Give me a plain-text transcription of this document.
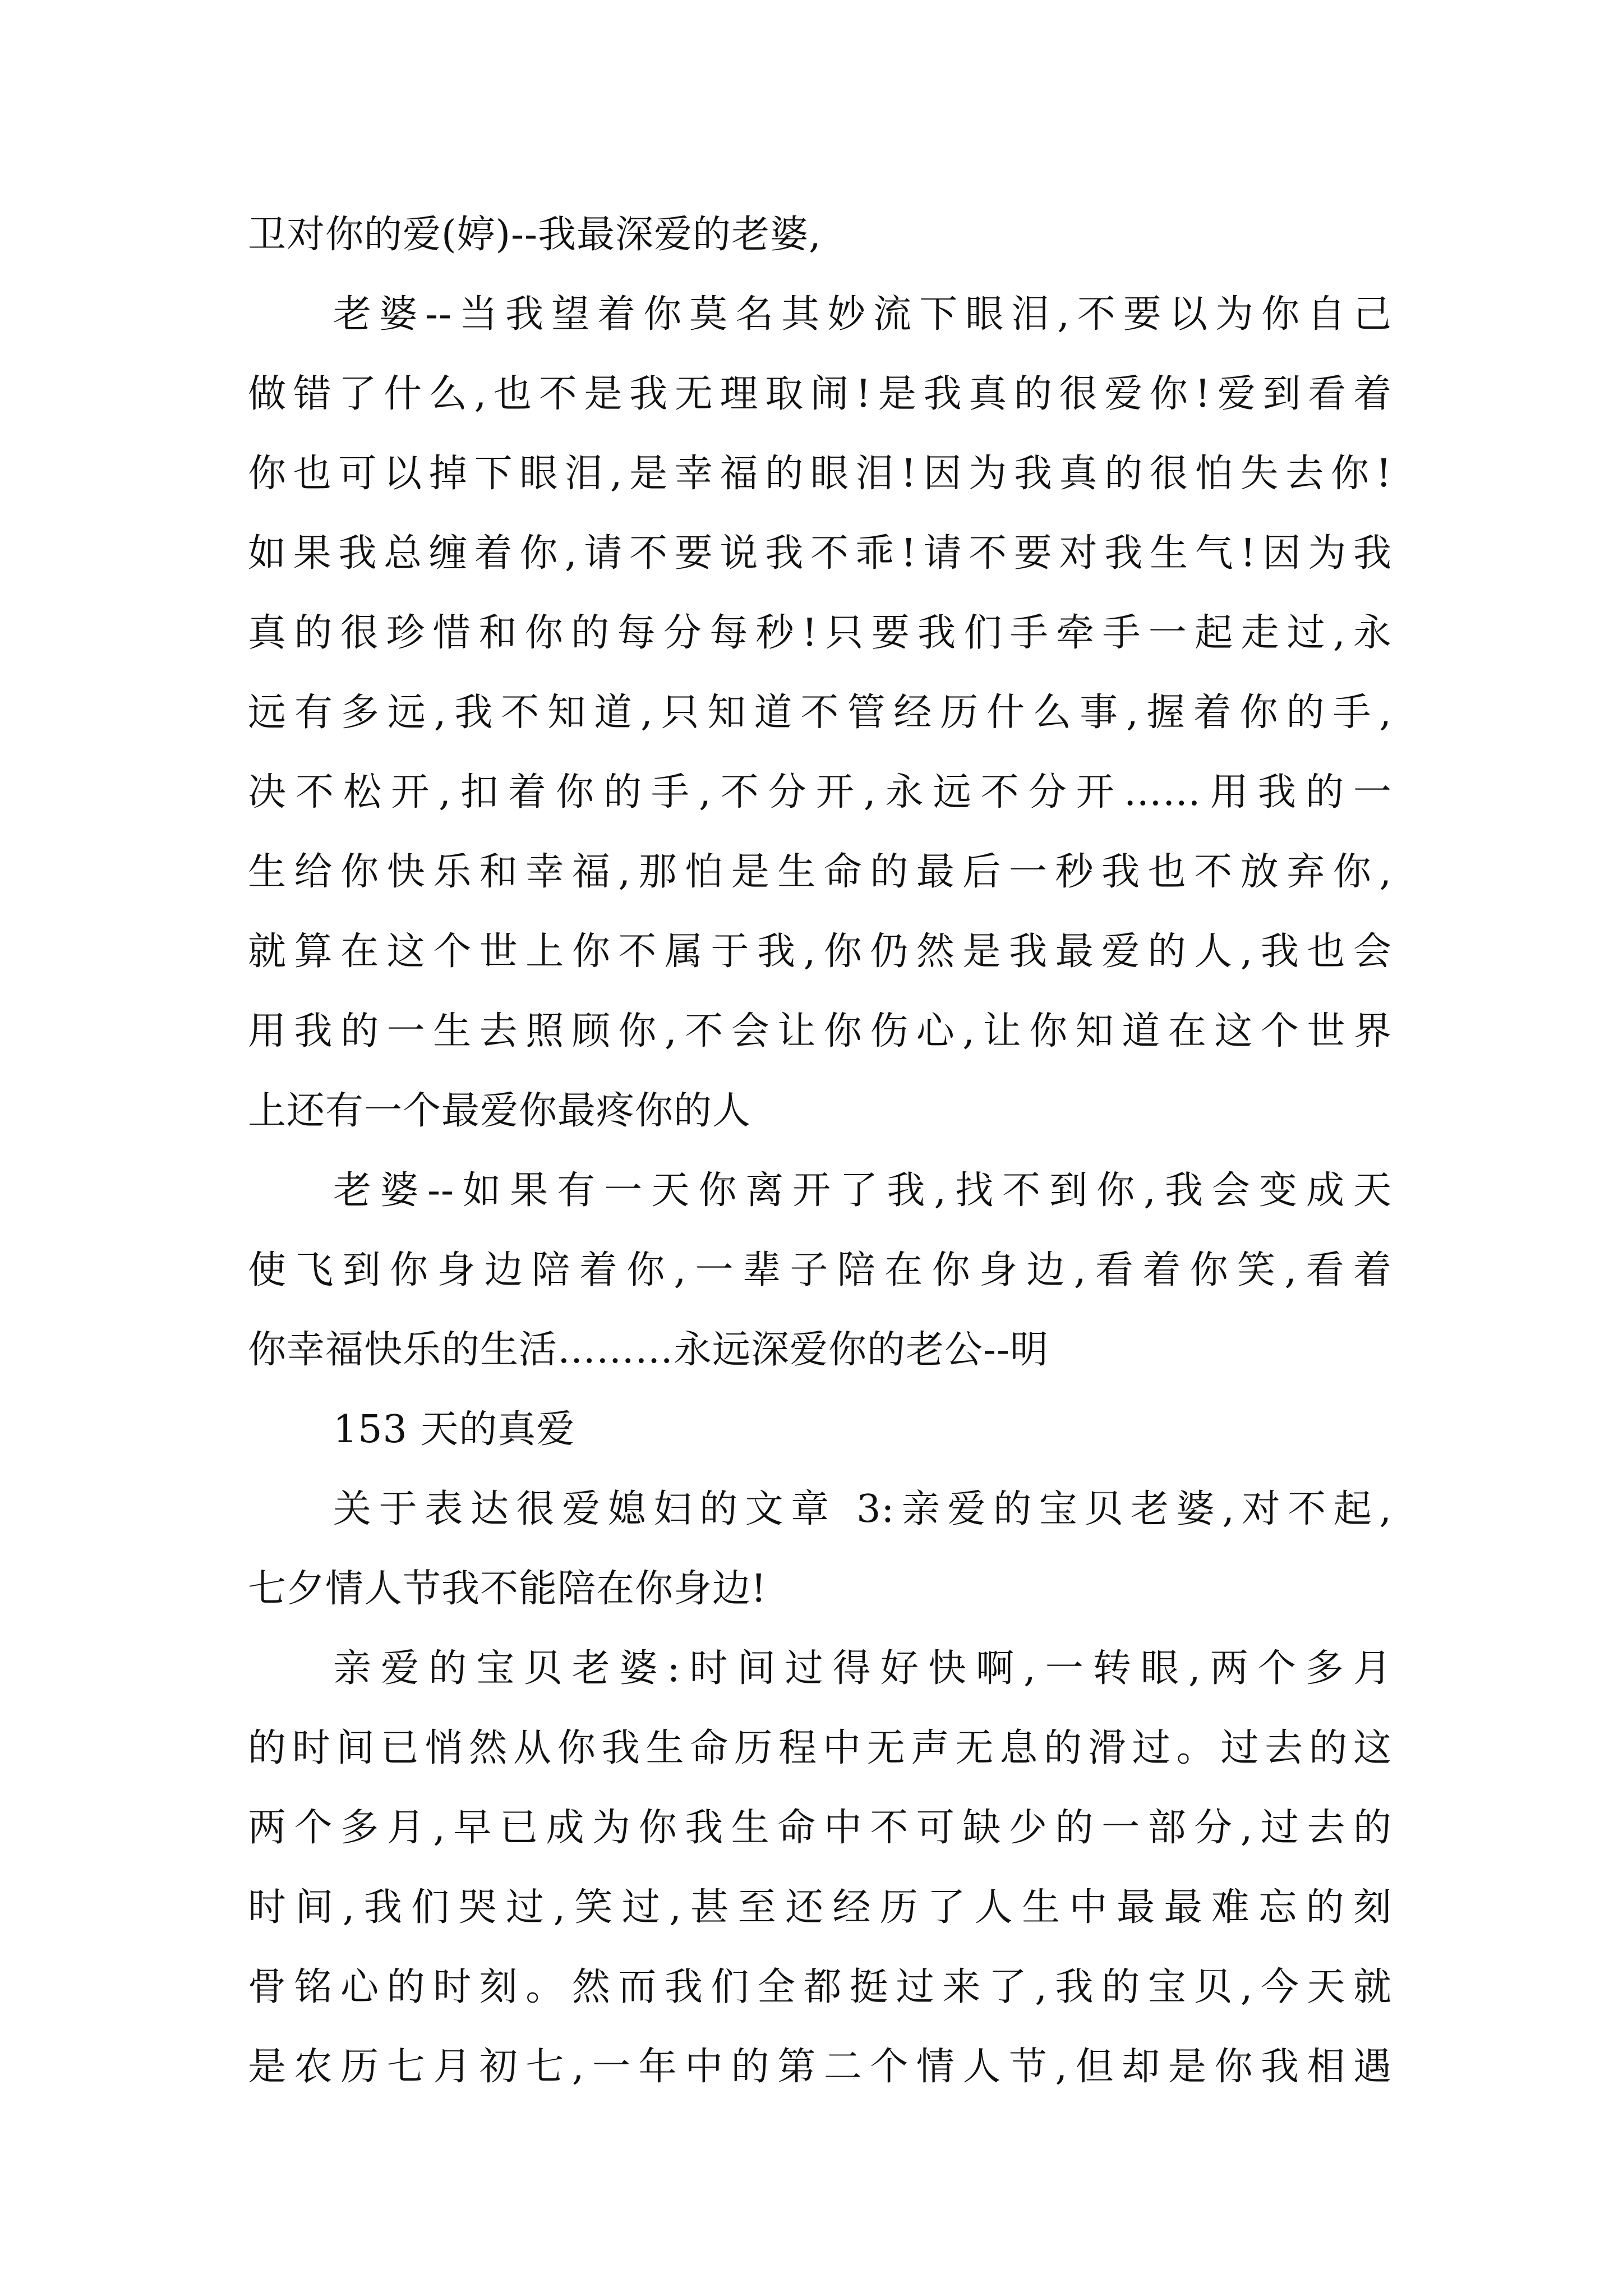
卫对你的爱(婷)--我最深爱的老婆,
老婆--当我望着你莫名其妙流下眼泪,不要以为你自己
做错了什么,也不是我无理取闹!是我真的很爱你!爱到看着
你也可以掉下眼泪,是幸福的眼泪!因为我真的很怕失去你!
如果我总缠着你,请不要说我不乖!请不要对我生气!因为我
真的很珍惜和你的每分每秒!只要我们手牵手一起走过,永
远有多远,我不知道,只知道不管经历什么事,握着你的手,
决不松开,扣着你的手,不分开,永远不分开……用我的一
生给你快乐和幸福,那怕是生命的最后一秒我也不放弃你,
就算在这个世上你不属于我,你仍然是我最爱的人,我也会
用我的一生去照顾你,不会让你伤心,让你知道在这个世界
上还有一个最爱你最疼你的人
老婆--如果有一天你离开了我,找不到你,我会变成天
使飞到你身边陪着你,一辈子陪在你身边,看着你笑,看着
你幸福快乐的生活………永远深爱你的老公--明
153 天的真爱
关于表达很爱媳妇的文章 3:亲爱的宝贝老婆,对不起,
七夕情人节我不能陪在你身边!
亲爱的宝贝老婆:时间过得好快啊,一转眼,两个多月
的时间已悄然从你我生命历程中无声无息的滑过。过去的这
两个多月,早已成为你我生命中不可缺少的一部分,过去的
时间,我们哭过,笑过,甚至还经历了人生中最最难忘的刻
骨铭心的时刻。然而我们全都挺过来了,我的宝贝,今天就
是农历七月初七,一年中的第二个情人节,但却是你我相遇
